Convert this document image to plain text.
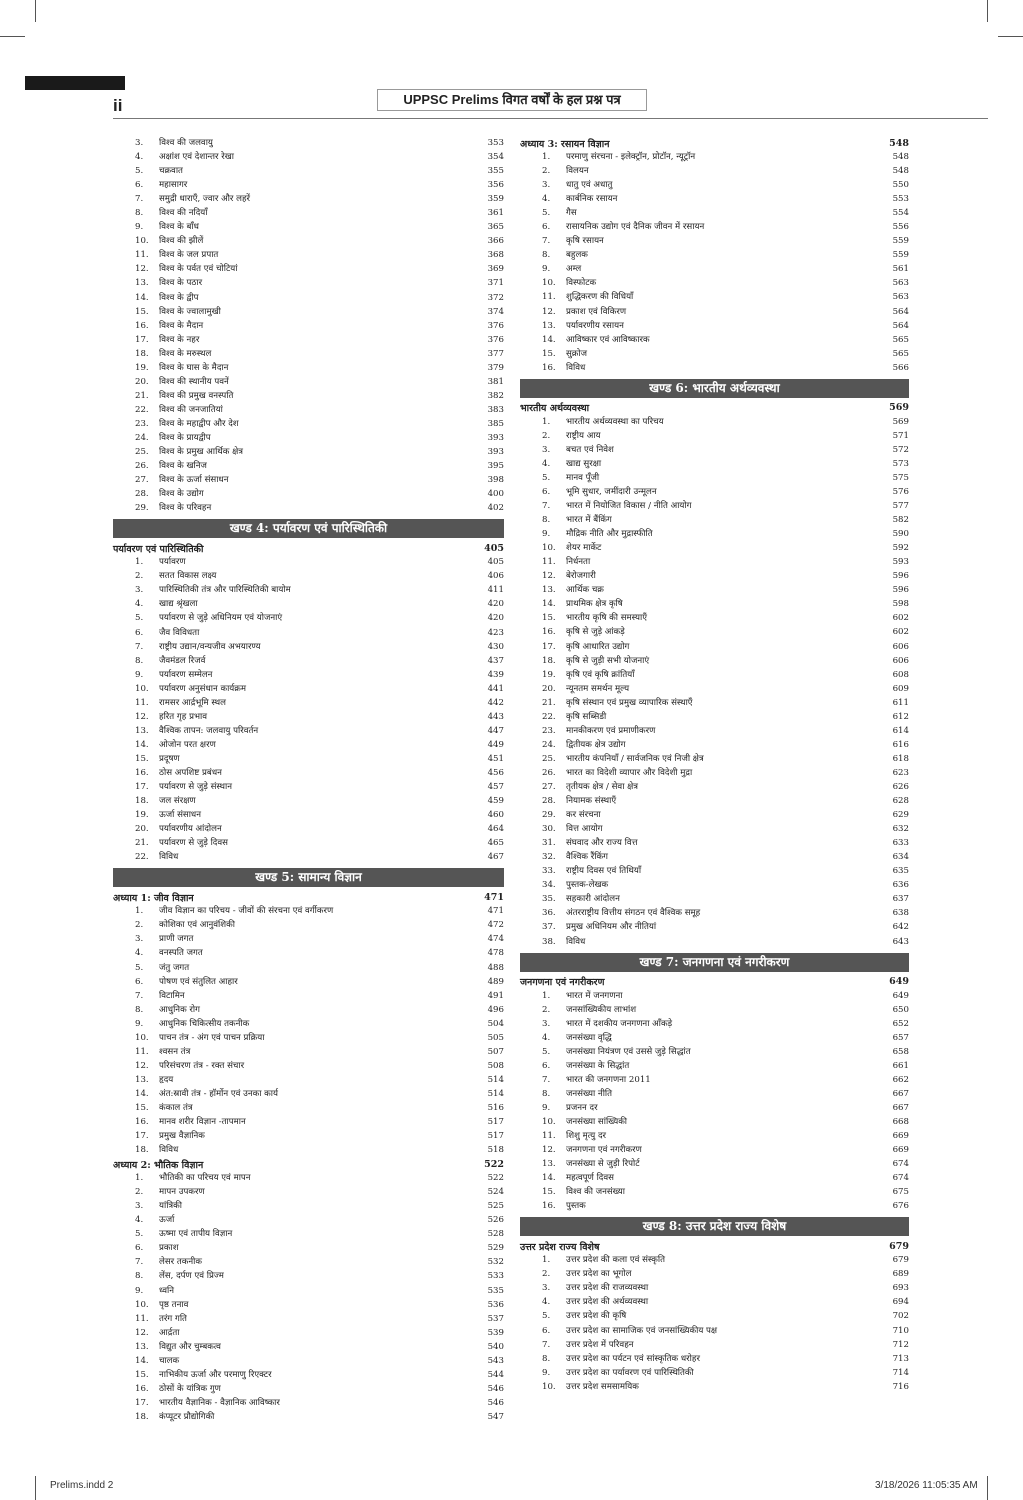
ii	UPPSC Prelims विगत वर्षों के हल प्रश्न पत्र
3.	विश्व की जलवायु	353
4.	अक्षांश एवं देशान्तर रेखा	354
5.	चक्रवात	355
6.	महासागर	356
7.	समुद्री धाराएँ, ज्वार और लहरें	359
8.	विश्व की नदियाँ	361
9.	विश्व के बाँध	365
10.	विश्व की झीलें	366
11.	विश्व के जल प्रपात	368
12.	विश्व के पर्वत एवं चोटियां	369
13.	विश्व के पठार	371
14.	विश्व के द्वीप	372
15.	विश्व के ज्वालामुखी	374
16.	विश्व के मैदान	376
17.	विश्व के नहर	376
18.	विश्व के मरुस्थल	377
19.	विश्व के घास के मैदान	379
20.	विश्व की स्थानीय पवनें	381
21.	विश्व की प्रमुख वनस्पति	382
22.	विश्व की जनजातियां	383
23.	विश्व के महाद्वीप और देश	385
24.	विश्व के प्रायद्वीप	393
25.	विश्व के प्रमुख आर्थिक क्षेत्र	393
26.	विश्व के खनिज	395
27.	विश्व के ऊर्जा संसाधन	398
28.	विश्व के उद्योग	400
29.	विश्व के परिवहन	402
खण्ड 4: पर्यावरण एवं पारिस्थितिकी
पर्यावरण एवं पारिस्थितिकी	405
1.	पर्यावरण	405
2.	सतत विकास लक्ष्य	406
3.	पारिस्थितिकी तंत्र और पारिस्थितिकी बायोम	411
4.	खाद्य श्रृंखला	420
5.	पर्यावरण से जुड़े अधिनियम एवं योजनाएं	420
6.	जैव विविधता	423
7.	राष्ट्रीय उद्यान/वन्यजीव अभयारण्य	430
8.	जैवमंडल रिजर्व	437
9.	पर्यावरण सम्मेलन	439
10.	पर्यावरण अनुसंधान कार्यक्रम	441
11.	रामसर आर्द्रभूमि स्थल	442
12.	हरित गृह प्रभाव	443
13.	वैश्विक तापन: जलवायु परिवर्तन	447
14.	ओजोन परत क्षरण	449
15.	प्रदूषण	451
16.	ठोस अपशिष्ट प्रबंधन	456
17.	पर्यावरण से जुड़े संस्थान	457
18.	जल संरक्षण	459
19.	ऊर्जा संसाधन	460
20.	पर्यावरणीय आंदोलन	464
21.	पर्यावरण से जुड़े दिवस	465
22.	विविध	467
खण्ड 5: सामान्य विज्ञान
अध्याय 1: जीव विज्ञान	471
1.	जीव विज्ञान का परिचय - जीवों की संरचना एवं वर्गीकरण	471
2.	कोशिका एवं आनुवंशिकी	472
3.	प्राणी जगत	474
4.	वनस्पति जगत	478
5.	जंतु जगत	488
6.	पोषण एवं संतुलित आहार	489
7.	विटामिन	491
8.	आधुनिक रोग	496
9.	आधुनिक चिकित्सीय तकनीक	504
10.	पाचन तंत्र - अंग एवं पाचन प्रक्रिया	505
11.	श्वसन तंत्र	507
12.	परिसंचरण तंत्र - रक्त संचार	508
13.	हृदय	514
14.	अंत:स्रावी तंत्र - हॉर्मोन एवं उनका कार्य	514
15.	कंकाल तंत्र	516
16.	मानव शरीर विज्ञान -तापमान	517
17.	प्रमुख वैज्ञानिक	517
18.	विविध	518
अध्याय 2: भौतिक विज्ञान	522
1.	भौतिकी का परिचय एवं मापन	522
2.	मापन उपकरण	524
3.	यांत्रिकी	525
4.	ऊर्जा	526
5.	ऊष्मा एवं तापीय विज्ञान	528
6.	प्रकाश	529
7.	लेसर तकनीक	532
8.	लेंस, दर्पण एवं प्रिज्म	533
9.	ध्वनि	535
10.	पृष्ठ तनाव	536
11.	तरंग गति	537
12.	आर्द्रता	539
13.	विद्युत और चुम्बकत्व	540
14.	चालक	543
15.	नाभिकीय ऊर्जा और परमाणु रिएक्टर	544
16.	ठोसों के यांत्रिक गुण	546
17.	भारतीय वैज्ञानिक - वैज्ञानिक आविष्कार	546
18.	कंप्यूटर प्रौद्योगिकी	547
अध्याय 3: रसायन विज्ञान	548
1.	परमाणु संरचना - इलेक्ट्रॉन, प्रोटॉन, न्यूट्रॉन	548
2.	विलयन	548
3.	धातु एवं अधातु	550
4.	कार्बनिक रसायन	553
5.	गैस	554
6.	रासायनिक उद्योग एवं दैनिक जीवन में रसायन	556
7.	कृषि रसायन	559
8.	बहुलक	559
9.	अम्ल	561
10.	विस्फोटक	563
11.	शुद्धिकरण की विधियाँ	563
12.	प्रकाश एवं विकिरण	564
13.	पर्यावरणीय रसायन	564
14.	आविष्कार एवं आविष्कारक	565
15.	सुक्रोज	565
16.	विविध	566
खण्ड 6: भारतीय अर्थव्यवस्था
भारतीय अर्थव्यवस्था	569
1.	भारतीय अर्थव्यवस्था का परिचय	569
2.	राष्ट्रीय आय	571
3.	बचत एवं निवेश	572
4.	खाद्य सुरक्षा	573
5.	मानव पूँजी	575
6.	भूमि सुधार, जमींदारी उन्मूलन	576
7.	भारत में नियोजित विकास / नीति आयोग	577
8.	भारत में बैंकिंग	582
9.	मौद्रिक नीति और मुद्रास्फीति	590
10.	शेयर मार्केट	592
11.	निर्धनता	593
12.	बेरोजगारी	596
13.	आर्थिक चक्र	596
14.	प्राथमिक क्षेत्र कृषि	598
15.	भारतीय कृषि की समस्याएँ	602
16.	कृषि से जुड़े आंकड़े	602
17.	कृषि आधारित उद्योग	606
18.	कृषि से जुड़ी सभी योजनाएं	606
19.	कृषि एवं कृषि क्रांतियाँ	608
20.	न्यूनतम समर्थन मूल्य	609
21.	कृषि संस्थान एवं प्रमुख व्यापारिक संस्थाएँ	611
22.	कृषि सब्सिडी	612
23.	मानकीकरण एवं प्रमाणीकरण	614
24.	द्वितीयक क्षेत्र उद्योग	616
25.	भारतीय कंपनियाँ / सार्वजनिक एवं निजी क्षेत्र	618
26.	भारत का विदेशी व्यापार और विदेशी मुद्रा	623
27.	तृतीयक क्षेत्र / सेवा क्षेत्र	626
28.	नियामक संस्थाएँ	628
29.	कर संरचना	629
30.	वित्त आयोग	632
31.	संघवाद और राज्य वित्त	633
32.	वैश्विक रैंकिंग	634
33.	राष्ट्रीय दिवस एवं तिथियाँ	635
34.	पुस्तक-लेखक	636
35.	सहकारी आंदोलन	637
36.	अंतरराष्ट्रीय वित्तीय संगठन एवं वैश्विक समूह	638
37.	प्रमुख अधिनियम और नीतियां	642
38.	विविध	643
खण्ड 7: जनगणना एवं नगरीकरण
जनगणना एवं नगरीकरण	649
1.	भारत में जनगणना	649
2.	जनसांख्यिकीय लाभांश	650
3.	भारत में दशकीय जनगणना आँकड़े	652
4.	जनसंख्या वृद्धि	657
5.	जनसंख्या नियंत्रण एवं उससे जुड़े सिद्धांत	658
6.	जनसंख्या के सिद्धांत	661
7.	भारत की जनगणना 2011	662
8.	जनसंख्या नीति	667
9.	प्रजनन दर	667
10.	जनसंख्या सांख्यिकी	668
11.	शिशु मृत्यु दर	669
12.	जनगणना एवं नगरीकरण	669
13.	जनसंख्या से जुड़ी रिपोर्ट	674
14.	महत्वपूर्ण दिवस	674
15.	विश्व की जनसंख्या	675
16.	पुस्तक	676
खण्ड 8: उत्तर प्रदेश राज्य विशेष
उत्तर प्रदेश राज्य विशेष	679
1.	उत्तर प्रदेश की कला एवं संस्कृति	679
2.	उत्तर प्रदेश का भूगोल	689
3.	उत्तर प्रदेश की राजव्यवस्था	693
4.	उत्तर प्रदेश की अर्थव्यवस्था	694
5.	उत्तर प्रदेश की कृषि	702
6.	उत्तर प्रदेश का सामाजिक एवं जनसांख्यिकीय पक्ष	710
7.	उत्तर प्रदेश में परिवहन	712
8.	उत्तर प्रदेश का पर्यटन एवं सांस्कृतिक धरोहर	713
9.	उत्तर प्रदेश का पर्यावरण एवं पारिस्थितिकी	714
10.	उत्तर प्रदेश समसामयिक	716
Prelims.indd 2	3/18/2026 11:05:35 AM
